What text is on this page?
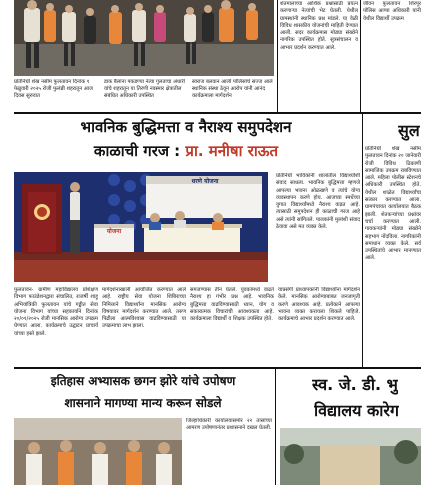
प्रतिनिधी शेख नसीम फुलतावन दिनांक १ फेब्रुवारी २०२५ रोजी फुलंब्री शहरातून आज दिवस सुरुवात
डाक बैलांना पकडण्या नेत्या गुलताचा अंधारी यांचे शहरातून या तिरणी नवस्मार क्षेत्रातील संबंधित अधिकारी उपस्थित
स्वराज बलवान आली पोलिसांचे सज्ज आले स्थानिक संस्था ठेवून आरोप यांनी आनंद कार्यक्रमाला मार्गदर्शन
शेतमालाच्या आर्थिक प्रश्नांसाठी प्रयत्न करणाऱ्या नेत्यांची भेट घेतली. येथील ग्रामस्थांनी स्थानिक प्रश्न मांडले. या वेळी विविध शासकीय योजनांची माहिती देण्यात आली. सदर कार्यक्रमास मोठ्या संख्येने नागरिक उपस्थित होते. सुत्रसंचालन व आभार प्रदर्शन करण्यात आले.
जीवन फुलतावन शिरपूर पोलिस आप्पा अधिकारी यांनी येथील विद्यार्थी उपक्रम
भावनिक बुद्धिमत्ता व नैराश्य समुपदेशन
काळाची गरज : प्रा. मनीषा राऊत
धरणे योजना
योजना
प्रतिनिधी भाविकांनी शालांतील विद्यार्थ्यांशी संवाद साधला. भावनिक बुद्धिमत्ता म्हणजे आपल्या भावना ओळखणे व त्यांचे योग्य व्यवस्थापन करणे होय. आजच्या स्पर्धेच्या युगात विद्यार्थ्यांमध्ये नैराश्य वाढत आहे. त्यासाठी समुपदेशन ही काळाची गरज आहे असे त्यांनी सांगितले. पालकांनी मुलांशी संवाद ठेवावा असे मत व्यक्त केले.
फुलतावन- ग्रामीण महाविद्यालय प्रशिक्षण विभाग फाउंडेशनद्वारा संचालित, राजर्षी शाहू अभियांत्रिकी फुलतावन यांचे गड्डीत सेवा योजना विभाग यांच्या सहकार्याने दिनांक २०/०१/२०२५ रोजी मानसिक आरोग्य उपक्रम घेण्यात आला. कार्यक्रमाचे उद्घाटन प्राचार्य यांच्या हस्ते झाले.
मार्गदर्शनाखाली आयोजित करण्यात आले आहे. राष्ट्रीय सेवा योजना शिबिराच्या निमित्ताने विद्यार्थ्यांना मानसिक आरोग्य विषयावर मार्गदर्शन करण्यात आले. तरुण पिढीला आत्मविश्वास वाढविण्यासाठी या उपक्रमाचा लाभ झाला.
समजण्यास तीन घेतले. युवकांमध्ये वाढते नैराश्य हा गंभीर प्रश्न आहे. भावनिक बुद्धिमत्ता वाढविण्यासाठी ध्यान, योग व सकारात्मक विचारांची आवश्यकता आहे. कार्यक्रमाला विद्यार्थी व शिक्षक उपस्थित होते.
याप्रसंगी प्राध्यापकांनी विद्यार्थ्यांना मार्गदर्शन केले. मानसिक आरोग्याबाबत जनजागृती करणे आवश्यक आहे. प्रत्येकाने आपल्या भावना व्यक्त करायला शिकले पाहिजे. कार्यक्रमाचे आभार प्रदर्शन करण्यात आले.
सुल
प्रतिनिधी शेख नसीम फुलतावन दिनांक २० जानेवारी रोजी विविध ठिकाणी सामाजिक उपक्रम राबविण्यात आले. महिला पोलीस स्टेशनचे अधिकारी उपस्थित होते. येथील शाळेत विद्यार्थ्यांचा सत्कार करण्यात आला. ग्रामपंचायत कार्यालयात बैठक झाली. शेतकऱ्यांच्या प्रश्नांवर चर्चा करण्यात आली. गावकऱ्यांनी मोठ्या संख्येने सहभाग नोंदविला. नागरिकांनी समाधान व्यक्त केले. सर्व उपस्थितांचे आभार मानण्यात आले.
इतिहास अभ्यासक छगन झोरे यांचे उपोषण
शासनाने मागण्या मान्य करून सोडले
जिल्हाधिकारी कार्यालयासमोर २२ तासांच्या आमरण उपोषणानंतर प्रशासनाने दखल घेतली.
स्व. जे. डी. भु
विद्यालय कारेग
